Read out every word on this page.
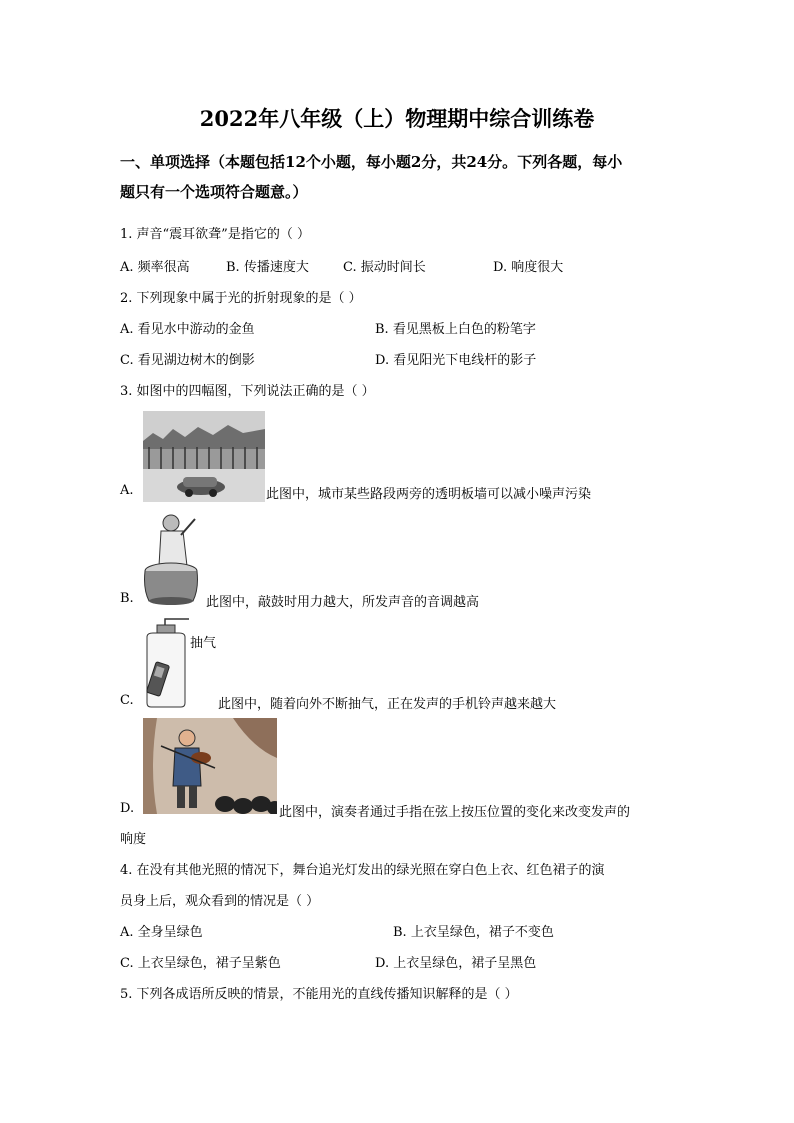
2022年八年级（上）物理期中综合训练卷
一、单项选择（本题包括12个小题，每小题2分，共24分。下列各题，每小
题只有一个选项符合题意。）
1. 声音“震耳欲聋”是指它的（ ）
A. 频率很高	B. 传播速度大	C. 振动时间长	D. 响度很大
2. 下列现象中属于光的折射现象的是（ ）
A. 看见水中游动的金鱼	B. 看见黑板上白色的粉笔字
C. 看见湖边树木的倒影	D. 看见阳光下电线杆的影子
3. 如图中的四幅图，下列说法正确的是（ ）
A.	此图中，城市某些路段两旁的透明板墙可以减小噪声污染
B.	此图中，敲鼓时用力越大，所发声音的音调越高
抽气
C.	此图中，随着向外不断抽气，正在发声的手机铃声越来越大
D.	此图中，演奏者通过手指在弦上按压位置的变化来改变发声的
响度
4. 在没有其他光照的情况下，舞台追光灯发出的绿光照在穿白色上衣、红色裙子的演
员身上后，观众看到的情况是（ ）
A. 全身呈绿色	B. 上衣呈绿色，裙子不变色
C. 上衣呈绿色，裙子呈紫色	D. 上衣呈绿色，裙子呈黑色
5. 下列各成语所反映的情景，不能用光的直线传播知识解释的是（ ）
